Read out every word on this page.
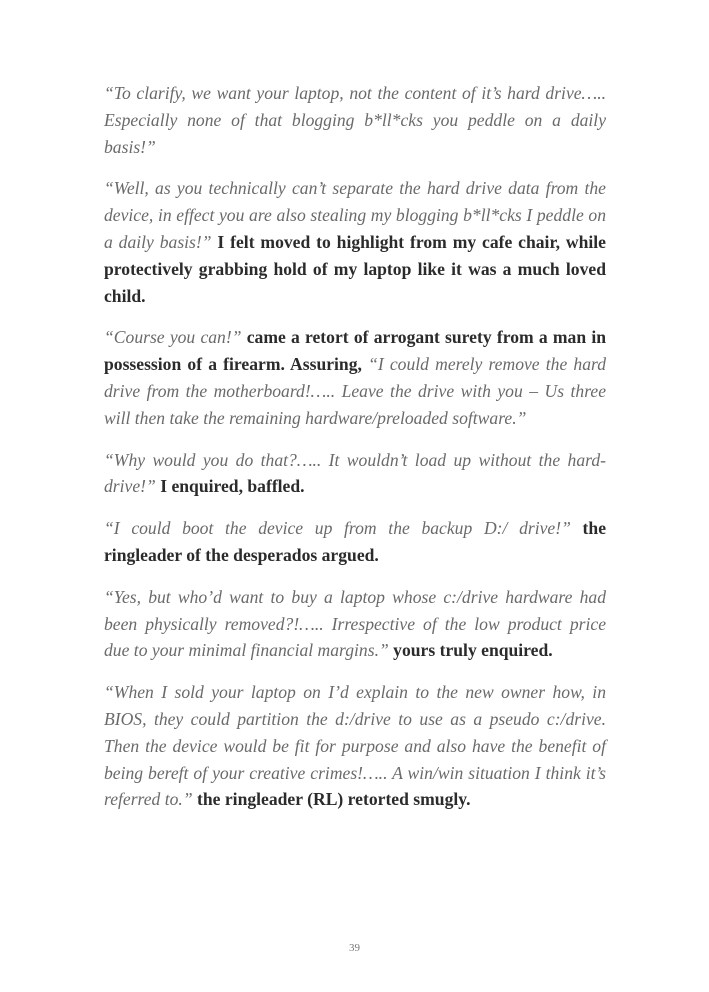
“To clarify, we want your laptop, not the content of it’s hard drive….. Especially none of that blogging b*ll*cks you peddle on a daily basis!”

“Well, as you technically can’t separate the hard drive data from the device, in effect you are also stealing my blogging b*ll*cks I peddle on a daily basis!” I felt moved to highlight from my cafe chair, while protectively grabbing hold of my laptop like it was a much loved child.

“Course you can!” came a retort of arrogant surety from a man in possession of a firearm. Assuring, “I could merely remove the hard drive from the motherboard!….. Leave the drive with you – Us three will then take the remaining hardware/preloaded software.”

“Why would you do that?….. It wouldn’t load up without the hard-drive!” I enquired, baffled.

“I could boot the device up from the backup D:/ drive!” the ringleader of the desperados argued.

“Yes, but who’d want to buy a laptop whose c:/drive hardware had been physically removed?!….. Irrespective of the low product price due to your minimal financial margins.” yours truly enquired.

“When I sold your laptop on I’d explain to the new owner how, in BIOS, they could partition the d:/drive to use as a pseudo c:/drive. Then the device would be fit for purpose and also have the benefit of being bereft of your creative crimes!….. A win/win situation I think it’s referred to.” the ringleader (RL) retorted smugly.

39
